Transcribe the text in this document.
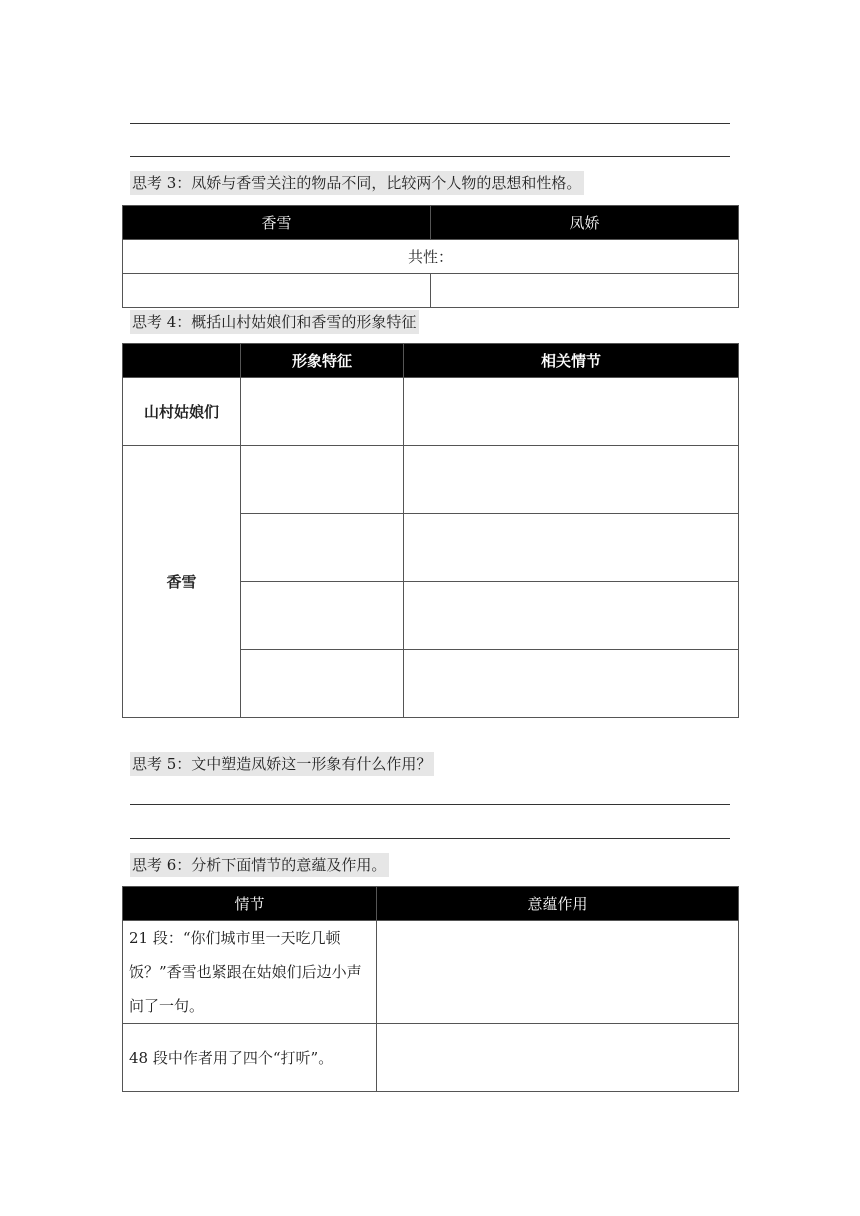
思考 3：凤娇与香雪关注的物品不同，比较两个人物的思想和性格。
香雪	凤娇
共性：	

思考 4：概括山村姑娘们和香雪的形象特征
	形象特征	相关情节
山村姑娘们		
香雪		

思考 5：文中塑造凤娇这一形象有什么作用？
思考 6：分析下面情节的意蕴及作用。
情节	意蕴作用
21 段：“你们城市里一天吃几顿饭？”香雪也紧跟在姑娘们后边小声问了一句。	
48 段中作者用了四个“打听”。	
